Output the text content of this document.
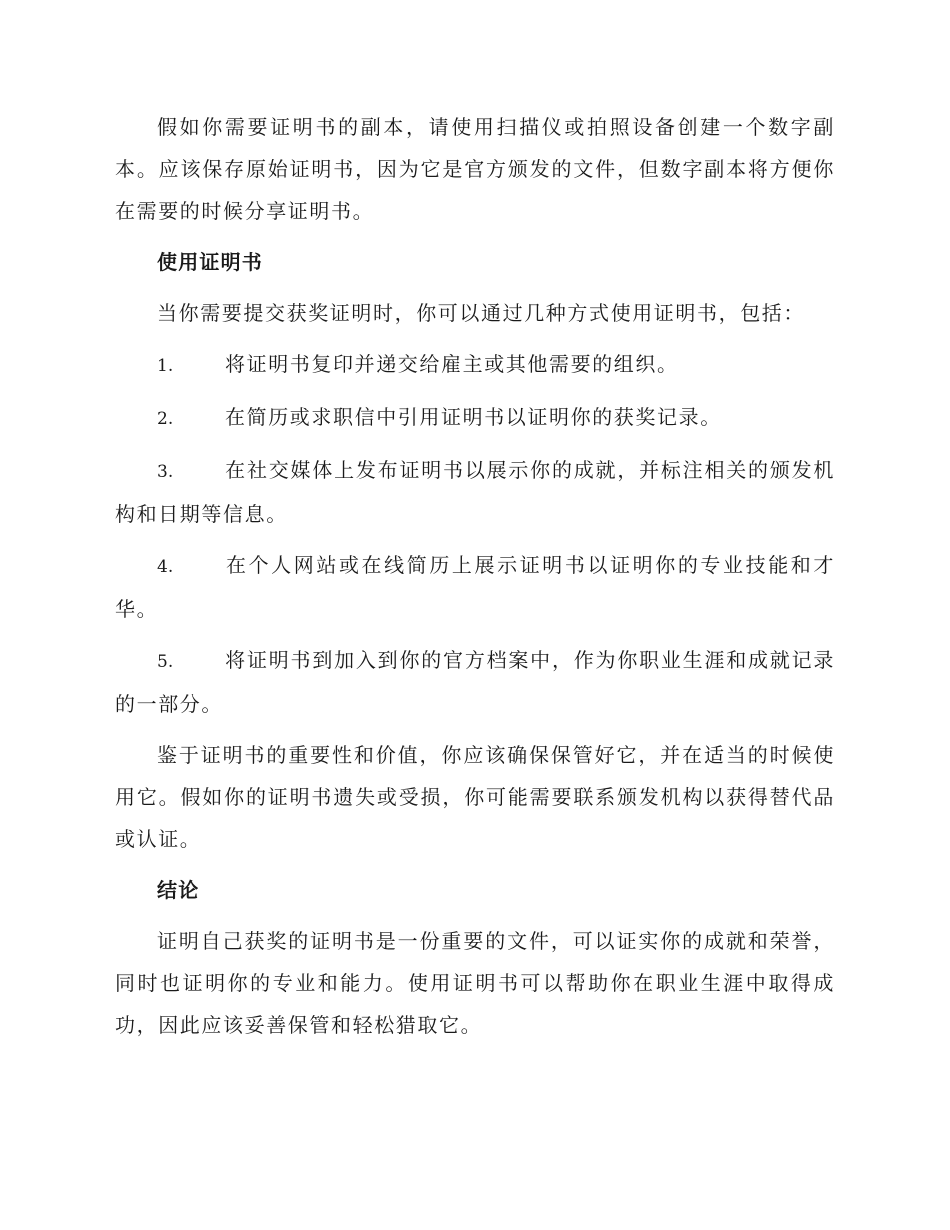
假如你需要证明书的副本，请使用扫描仪或拍照设备创建一个数字副本。应该保存原始证明书，因为它是官方颁发的文件，但数字副本将方便你在需要的时候分享证明书。

使用证明书

当你需要提交获奖证明时，你可以通过几种方式使用证明书，包括：

1.	将证明书复印并递交给雇主或其他需要的组织。

2.	在简历或求职信中引用证明书以证明你的获奖记录。

3.	在社交媒体上发布证明书以展示你的成就，并标注相关的颁发机构和日期等信息。

4.	在个人网站或在线简历上展示证明书以证明你的专业技能和才华。

5.	将证明书到加入到你的官方档案中，作为你职业生涯和成就记录的一部分。

鉴于证明书的重要性和价值，你应该确保保管好它，并在适当的时候使用它。假如你的证明书遗失或受损，你可能需要联系颁发机构以获得替代品或认证。

结论

证明自己获奖的证明书是一份重要的文件，可以证实你的成就和荣誉，同时也证明你的专业和能力。使用证明书可以帮助你在职业生涯中取得成功，因此应该妥善保管和轻松猎取它。
